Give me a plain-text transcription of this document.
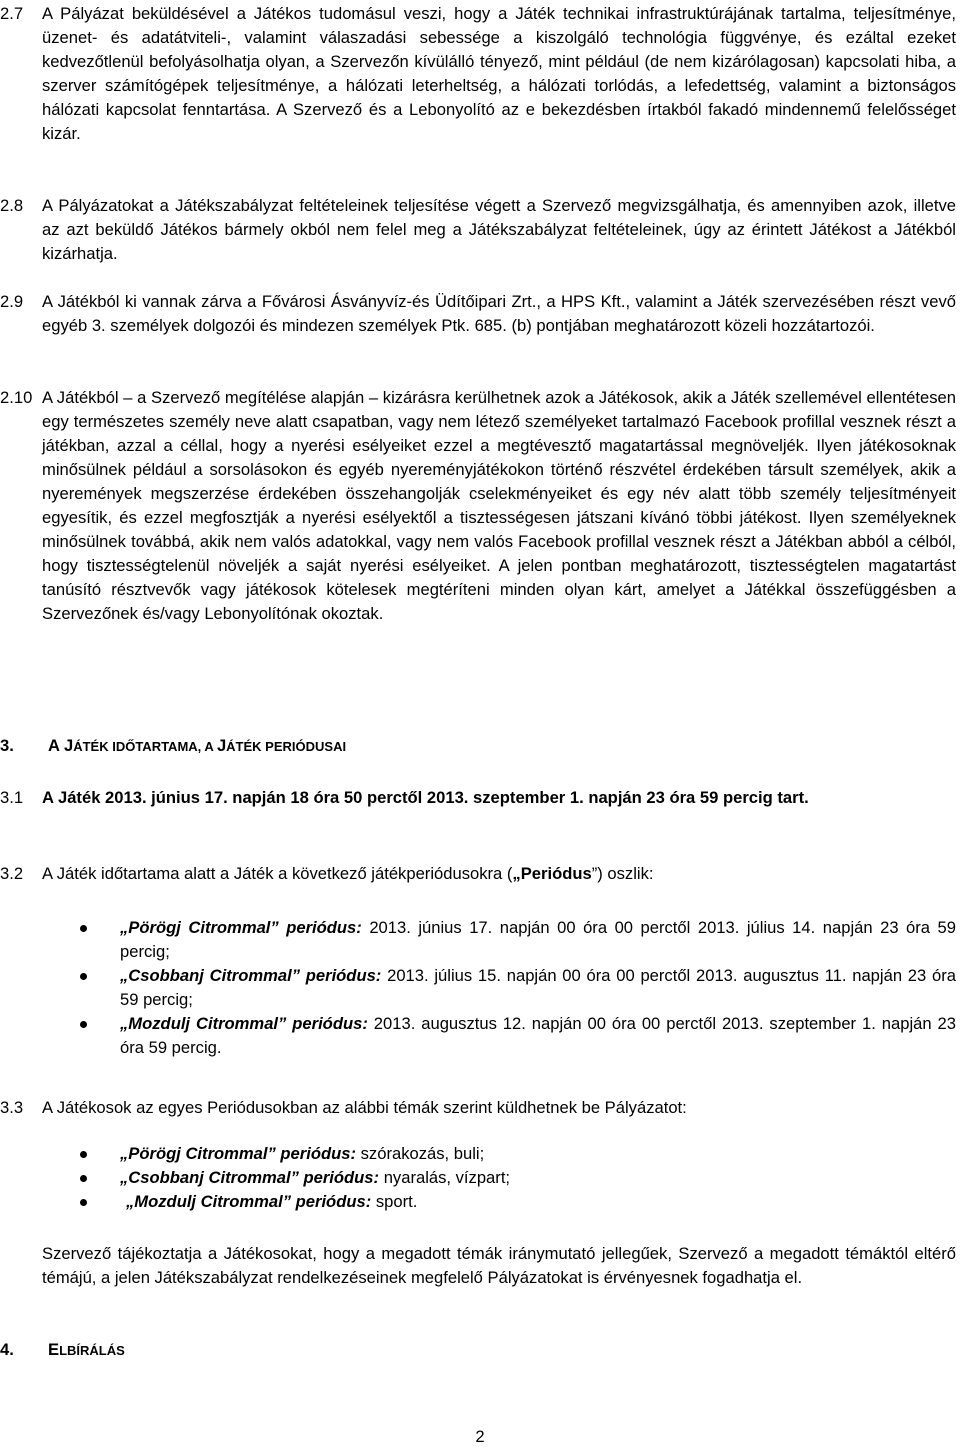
2.7	A Pályázat beküldésével a Játékos tudomásul veszi, hogy a Játék technikai infrastruktúrájának tartalma, teljesítménye, üzenet- és adatátviteli-, valamint válaszadási sebessége a kiszolgáló technológia függvénye, és ezáltal ezeket kedvezőtlenül befolyásolhatja olyan, a Szervezőn kívülálló tényező, mint például (de nem kizárólagosan) kapcsolati hiba, a szerver számítógépek teljesítménye, a hálózati leterheltség, a hálózati torlódás, a lefedettség, valamint a biztonságos hálózati kapcsolat fenntartása. A Szervező és a Lebonyolító az e bekezdésben írtakból fakadó mindennemű felelősséget kizár.
2.8	A Pályázatokat a Játékszabályzat feltételeinek teljesítése végett a Szervező megvizsgálhatja, és amennyiben azok, illetve az azt beküldő Játékos bármely okból nem felel meg a Játékszabályzat feltételeinek, úgy az érintett Játékost a Játékból kizárhatja.
2.9	A Játékból ki vannak zárva a Fővárosi Ásványvíz-és Üdítőipari Zrt., a HPS Kft., valamint a Játék szervezésében részt vevő egyéb 3. személyek dolgozói és mindezen személyek Ptk. 685. (b) pontjában meghatározott közeli hozzátartozói.
2.10 A Játékból – a Szervező megítélése alapján – kizárásra kerülhetnek azok a Játékosok, akik a Játék szellemével ellentétesen egy természetes személy neve alatt csapatban, vagy nem létező személyeket tartalmazó Facebook profillal vesznek részt a játékban, azzal a céllal, hogy a nyerési esélyeiket ezzel a megtévesztő magatartással megnöveljék. Ilyen játékosoknak minősülnek például a sorsolásokon és egyéb nyereményjátékokon történő részvétel érdekében társult személyek, akik a nyeremények megszerzése érdekében összehangolják cselekményeiket és egy név alatt több személy teljesítményeit egyesítik, és ezzel megfosztják a nyerési esélyektől a tisztességesen játszani kívánó többi játékost. Ilyen személyeknek minősülnek továbbá, akik nem valós adatokkal, vagy nem valós Facebook profillal vesznek részt a Játékban abból a célból, hogy tisztességtelenül növeljék a saját nyerési esélyeiket. A jelen pontban meghatározott, tisztességtelen magatartást tanúsító résztvevők vagy játékosok kötelesek megtéríteni minden olyan kárt, amelyet a Játékkal összefüggésben a Szervezőnek és/vagy Lebonyolítónak okoztak.
3. A JÁTÉK IDŐTARTAMA, A JÁTÉK PERIÓDUSAI
3.1	A Játék 2013. június 17. napján 18 óra 50 perctől 2013. szeptember 1. napján 23 óra 59 percig tart.
3.2	A Játék időtartama alatt a Játék a következő játékperiódusokra („Periódus”) oszlik:
„Pörögj Citrommal” periódus: 2013. június 17. napján 00 óra 00 perctől 2013. július 14. napján 23 óra 59 percig;
„Csobbanj Citrommal” periódus: 2013. július 15. napján 00 óra 00 perctől 2013. augusztus 11. napján 23 óra 59 percig;
„Mozdulj Citrommal” periódus: 2013. augusztus 12. napján 00 óra 00 perctől 2013. szeptember 1. napján 23 óra 59 percig.
3.3	A Játékosok az egyes Periódusokban az alábbi témák szerint küldhetnek be Pályázatot:
„Pörögj Citrommal” periódus: szórakozás, buli;
„Csobbanj Citrommal” periódus: nyaralás, vízpart;
„Mozdulj Citrommal” periódus: sport.
Szervező tájékoztatja a Játékosokat, hogy a megadott témák iránymutató jellegűek, Szervező a megadott témáktól eltérő témájú, a jelen Játékszabályzat rendelkezéseinek megfelelő Pályázatokat is érvényesnek fogadhatja el.
4. ELBÍRÁLÁS
2
